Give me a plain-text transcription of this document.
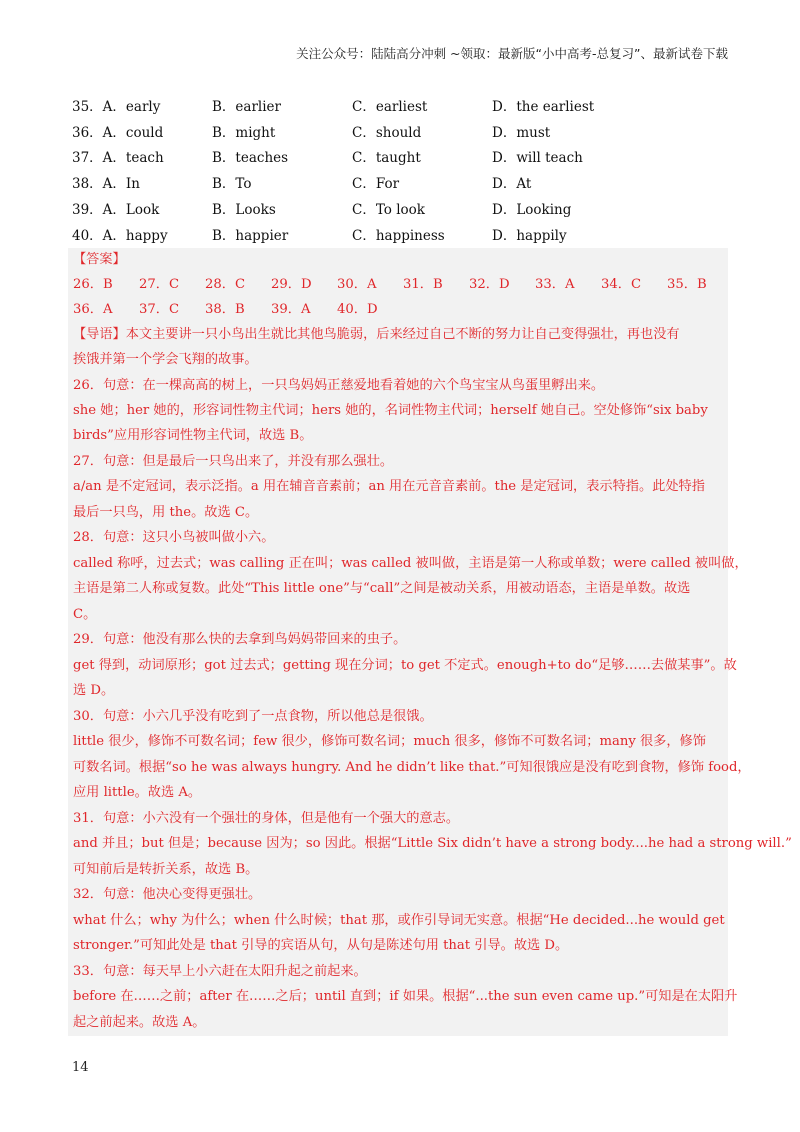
关注公众号：陆陆高分冲刺 ~领取：最新版“小中高考-总复习”、最新试卷下载
35．A．early	B．earlier	C．earliest	D．the earliest
36．A．could	B．might	C．should	D．must
37．A．teach	B．teaches	C．taught	D．will teach
38．A．In	B．To	C．For	D．At
39．A．Look	B．Looks	C．To look	D．Looking
40．A．happy	B．happier	C．happiness	D．happily
【答案】
26．B	27．C	28．C	29．D	30．A	31．B	32．D	33．A	34．C	35．B
36．A	37．C	38．B	39．A	40．D
【导语】本文主要讲一只小鸟出生就比其他鸟脆弱，后来经过自己不断的努力让自己变得强壮，再也没有
挨饿并第一个学会飞翔的故事。
26．句意：在一棵高高的树上，一只鸟妈妈正慈爱地看着她的六个鸟宝宝从鸟蛋里孵出来。
she 她；her 她的，形容词性物主代词；hers 她的，名词性物主代词；herself 她自己。空处修饰“six baby
birds”应用形容词性物主代词，故选 B。
27．句意：但是最后一只鸟出来了，并没有那么强壮。
a/an 是不定冠词，表示泛指。a 用在辅音音素前；an 用在元音音素前。the 是定冠词，表示特指。此处特指
最后一只鸟，用 the。故选 C。
28．句意：这只小鸟被叫做小六。
called 称呼，过去式；was calling 正在叫；was called 被叫做，主语是第一人称或单数；were called 被叫做，
主语是第二人称或复数。此处“This little one”与“call”之间是被动关系，用被动语态，主语是单数。故选
C。
29．句意：他没有那么快的去拿到鸟妈妈带回来的虫子。
get 得到，动词原形；got 过去式；getting 现在分词；to get 不定式。enough+to do“足够……去做某事”。故
选 D。
30．句意：小六几乎没有吃到了一点食物，所以他总是很饿。
little 很少，修饰不可数名词；few 很少，修饰可数名词；much 很多，修饰不可数名词；many 很多，修饰
可数名词。根据“so he was always hungry. And he didn’t like that.”可知很饿应是没有吃到食物，修饰 food，
应用 little。故选 A。
31．句意：小六没有一个强壮的身体，但是他有一个强大的意志。
and 并且；but 但是；because 因为；so 因此。根据“Little Six didn’t have a strong body....he had a strong will.”
可知前后是转折关系，故选 B。
32．句意：他决心变得更强壮。
what 什么；why 为什么；when 什么时候；that 那，或作引导词无实意。根据“He decided...he would get
stronger.”可知此处是 that 引导的宾语从句，从句是陈述句用 that 引导。故选 D。
33．句意：每天早上小六赶在太阳升起之前起来。
before 在……之前；after 在……之后；until 直到；if 如果。根据“...the sun even came up.”可知是在太阳升
起之前起来。故选 A。
14
